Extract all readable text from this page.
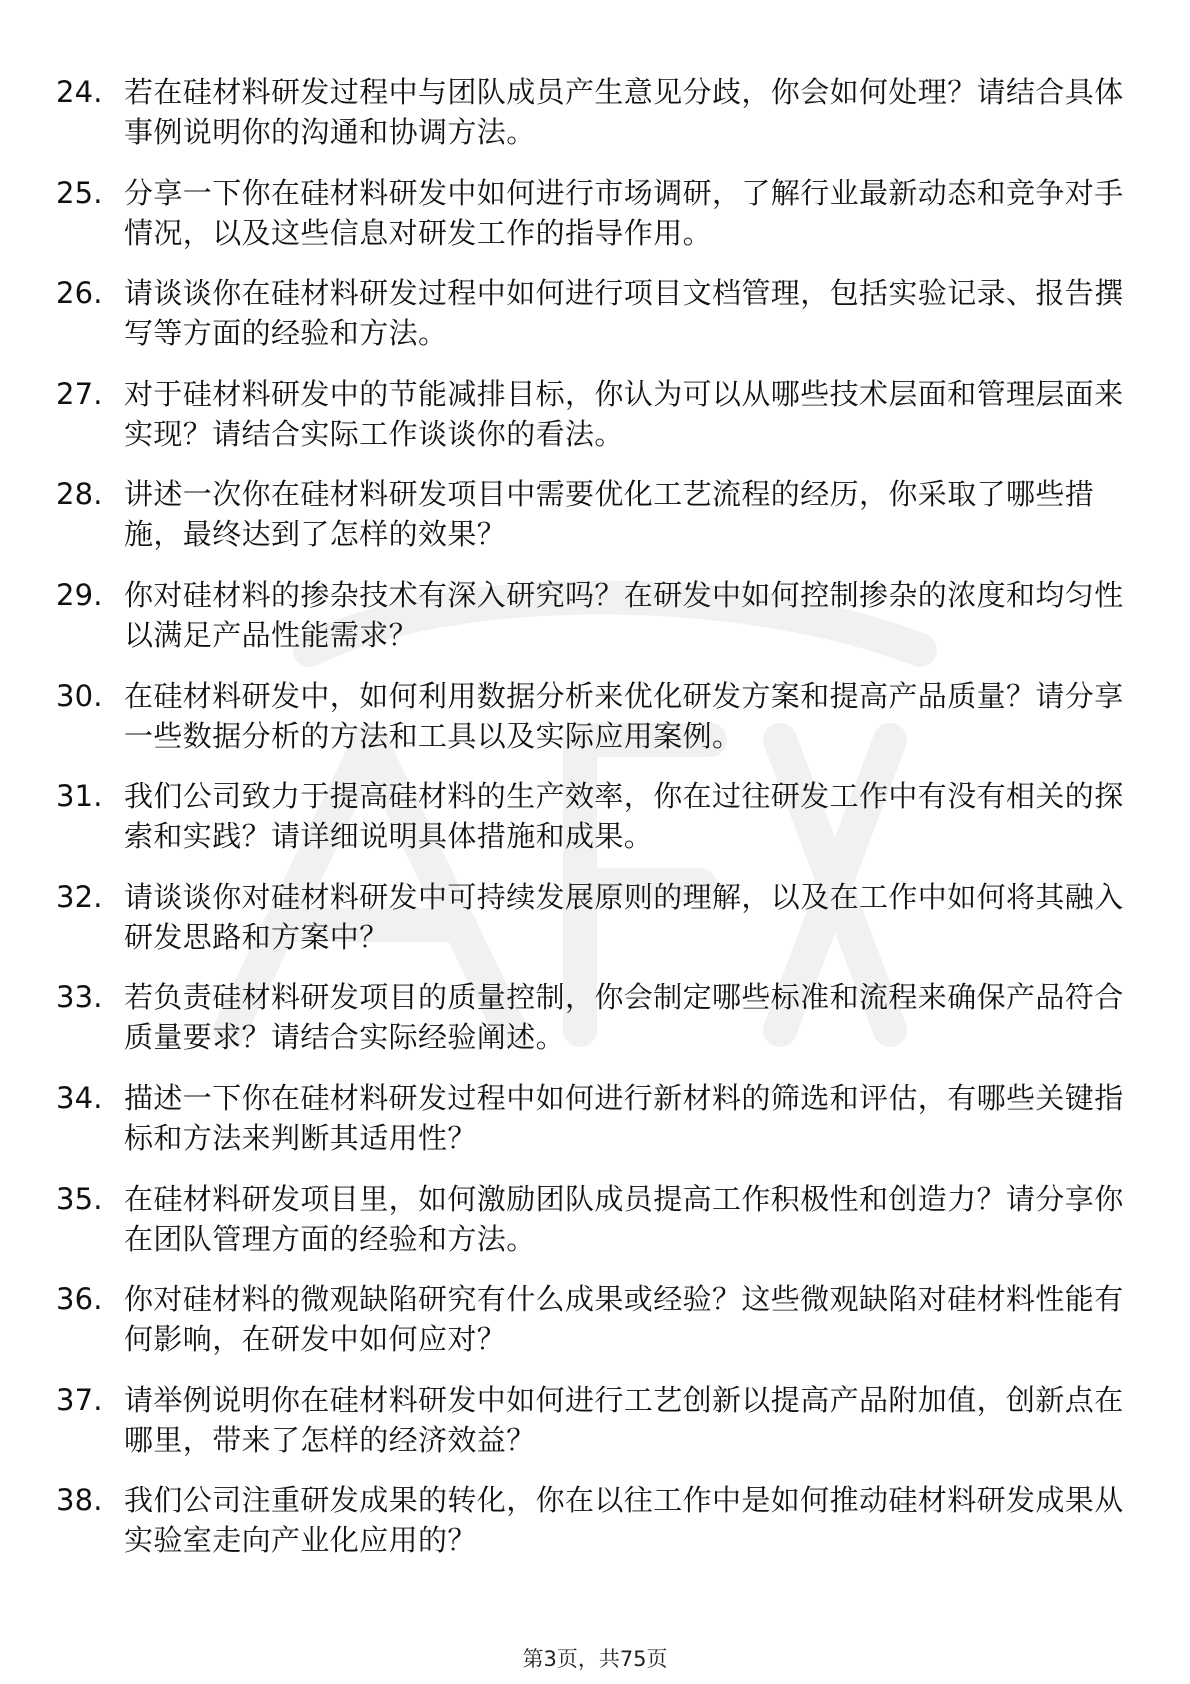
24. 若在硅材料研发过程中与团队成员产生意见分歧，你会如何处理？请结合具体事例说明你的沟通和协调方法。
25. 分享一下你在硅材料研发中如何进行市场调研，了解行业最新动态和竞争对手情况，以及这些信息对研发工作的指导作用。
26. 请谈谈你在硅材料研发过程中如何进行项目文档管理，包括实验记录、报告撰写等方面的经验和方法。
27. 对于硅材料研发中的节能减排目标，你认为可以从哪些技术层面和管理层面来实现？请结合实际工作谈谈你的看法。
28. 讲述一次你在硅材料研发项目中需要优化工艺流程的经历，你采取了哪些措施，最终达到了怎样的效果？
29. 你对硅材料的掺杂技术有深入研究吗？在研发中如何控制掺杂的浓度和均匀性以满足产品性能需求？
30. 在硅材料研发中，如何利用数据分析来优化研发方案和提高产品质量？请分享一些数据分析的方法和工具以及实际应用案例。
31. 我们公司致力于提高硅材料的生产效率，你在过往研发工作中有没有相关的探索和实践？请详细说明具体措施和成果。
32. 请谈谈你对硅材料研发中可持续发展原则的理解，以及在工作中如何将其融入研发思路和方案中？
33. 若负责硅材料研发项目的质量控制，你会制定哪些标准和流程来确保产品符合质量要求？请结合实际经验阐述。
34. 描述一下你在硅材料研发过程中如何进行新材料的筛选和评估，有哪些关键指标和方法来判断其适用性？
35. 在硅材料研发项目里，如何激励团队成员提高工作积极性和创造力？请分享你在团队管理方面的经验和方法。
36. 你对硅材料的微观缺陷研究有什么成果或经验？这些微观缺陷对硅材料性能有何影响，在研发中如何应对？
37. 请举例说明你在硅材料研发中如何进行工艺创新以提高产品附加值，创新点在哪里，带来了怎样的经济效益？
38. 我们公司注重研发成果的转化，你在以往工作中是如何推动硅材料研发成果从实验室走向产业化应用的？
第3页，共75页
